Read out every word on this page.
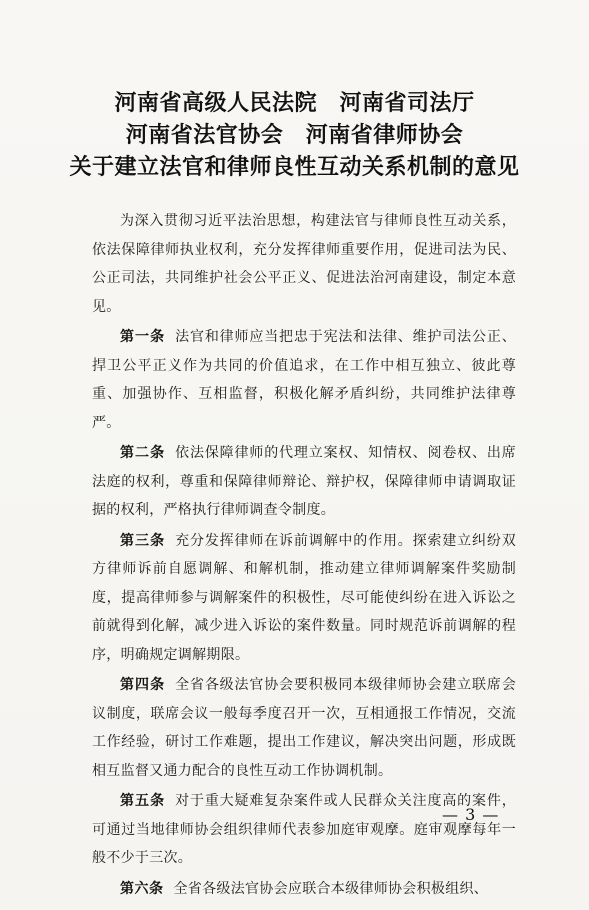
河南省高级人民法院　河南省司法厅
河南省法官协会　河南省律师协会
关于建立法官和律师良性互动关系机制的意见

为深入贯彻习近平法治思想，构建法官与律师良性互动关系，依法保障律师执业权利，充分发挥律师重要作用，促进司法为民、公正司法，共同维护社会公平正义、促进法治河南建设，制定本意见。

第一条 法官和律师应当把忠于宪法和法律、维护司法公正、捍卫公平正义作为共同的价值追求，在工作中相互独立、彼此尊重、加强协作、互相监督，积极化解矛盾纠纷，共同维护法律尊严。

第二条 依法保障律师的代理立案权、知情权、阅卷权、出席法庭的权利，尊重和保障律师辩论、辩护权，保障律师申请调取证据的权利，严格执行律师调查令制度。

第三条 充分发挥律师在诉前调解中的作用。探索建立纠纷双方律师诉前自愿调解、和解机制，推动建立律师调解案件奖励制度，提高律师参与调解案件的积极性，尽可能使纠纷在进入诉讼之前就得到化解，减少进入诉讼的案件数量。同时规范诉前调解的程序，明确规定调解期限。

第四条 全省各级法官协会要积极同本级律师协会建立联席会议制度，联席会议一般每季度召开一次，互相通报工作情况，交流工作经验，研讨工作难题，提出工作建议，解决突出问题，形成既相互监督又通力配合的良性互动工作协调机制。

第五条 对于重大疑难复杂案件或人民群众关注度高的案件，可通过当地律师协会组织律师代表参加庭审观摩。庭审观摩每年一般不少于三次。

第六条 全省各级法官协会应联合本级律师协会积极组织、

— 3 —
